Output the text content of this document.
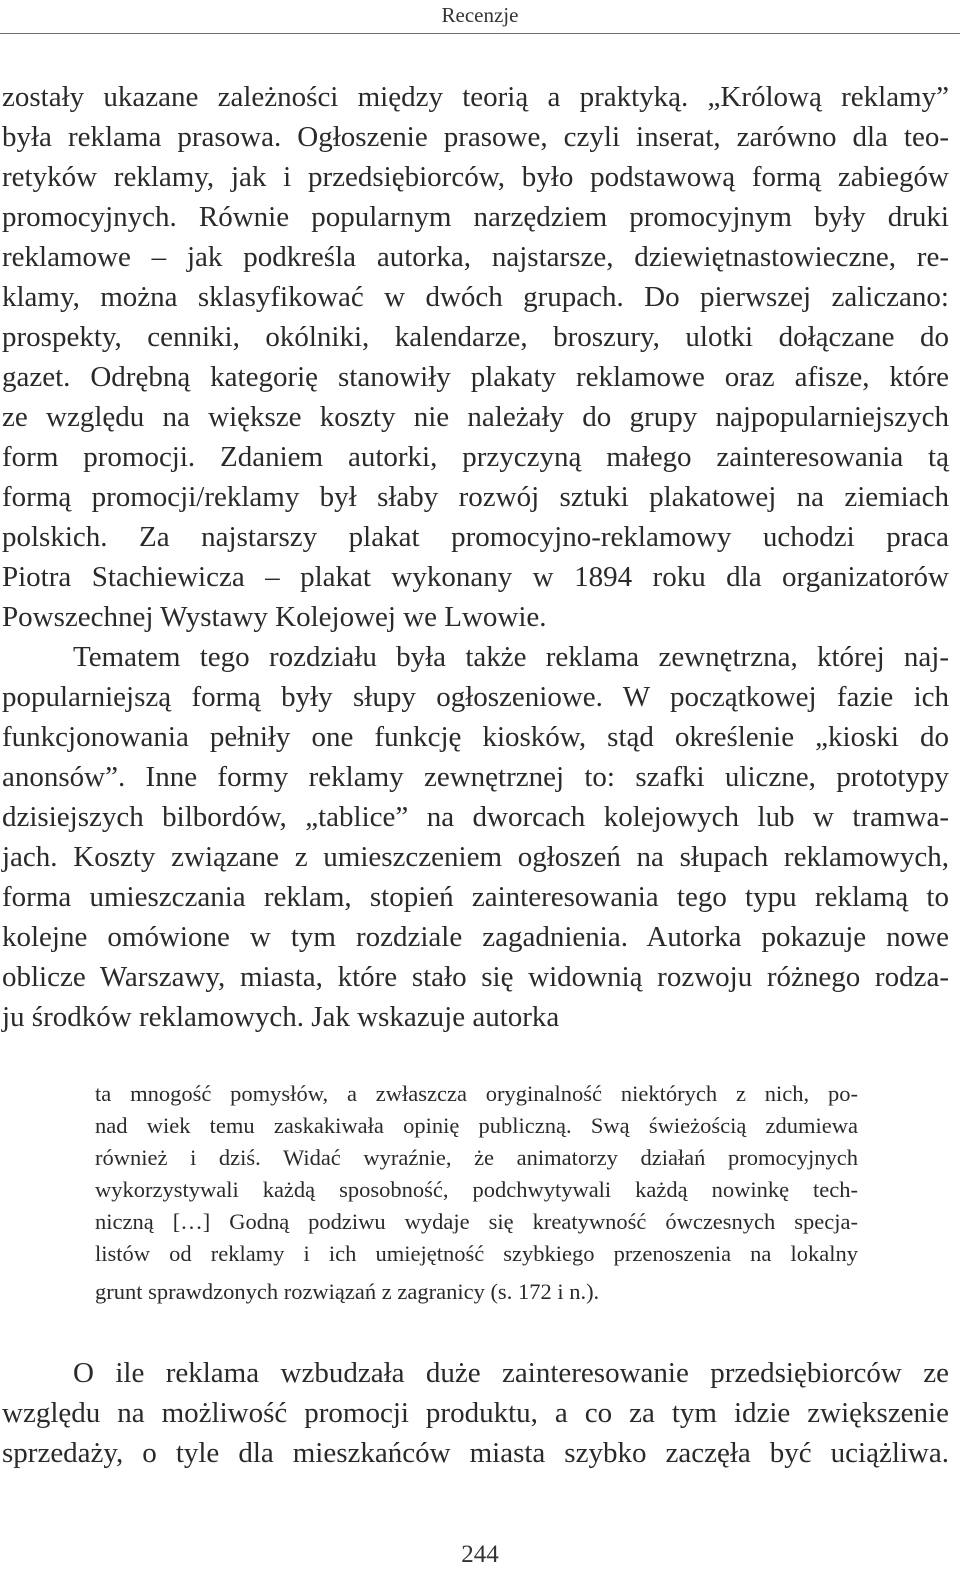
Recenzje
zostały ukazane zależności między teorią a praktyką. „Królową reklamy”
była reklama prasowa. Ogłoszenie prasowe, czyli inserat, zarówno dla teo-
retyków reklamy, jak i przedsiębiorców, było podstawową formą zabiegów
promocyjnych. Równie popularnym narzędziem promocyjnym były druki
reklamowe – jak podkreśla autorka, najstarsze, dziewiętnastowieczne, re-
klamy, można sklasyfikować w dwóch grupach. Do pierwszej zaliczano:
prospekty, cenniki, okólniki, kalendarze, broszury, ulotki dołączane do
gazet. Odrębną kategorię stanowiły plakaty reklamowe oraz afisze, które
ze względu na większe koszty nie należały do grupy najpopularniejszych
form promocji. Zdaniem autorki, przyczyną małego zainteresowania tą
formą promocji/reklamy był słaby rozwój sztuki plakatowej na ziemiach
polskich. Za najstarszy plakat promocyjno-reklamowy uchodzi praca
Piotra Stachiewicza – plakat wykonany w 1894 roku dla organizatorów
Powszechnej Wystawy Kolejowej we Lwowie.
Tematem tego rozdziału była także reklama zewnętrzna, której naj-
popularniejszą formą były słupy ogłoszeniowe. W początkowej fazie ich
funkcjonowania pełniły one funkcję kiosków, stąd określenie „kioski do
anonsów”. Inne formy reklamy zewnętrznej to: szafki uliczne, prototypy
dzisiejszych bilbordów, „tablice” na dworcach kolejowych lub w tramwa-
jach. Koszty związane z umieszczeniem ogłoszeń na słupach reklamowych,
forma umieszczania reklam, stopień zainteresowania tego typu reklamą to
kolejne omówione w tym rozdziale zagadnienia. Autorka pokazuje nowe
oblicze Warszawy, miasta, które stało się widownią rozwoju różnego rodza-
ju środków reklamowych. Jak wskazuje autorka
ta mnogość pomysłów, a zwłaszcza oryginalność niektórych z nich, po-
nad wiek temu zaskakiwała opinię publiczną. Swą świeżością zdumiewa
również i dziś. Widać wyraźnie, że animatorzy działań promocyjnych
wykorzystywali każdą sposobność, podchwytywali każdą nowinkę tech-
niczną […] Godną podziwu wydaje się kreatywność ówczesnych specja-
listów od reklamy i ich umiejętność szybkiego przenoszenia na lokalny
grunt sprawdzonych rozwiązań z zagranicy (s. 172 i n.).
O ile reklama wzbudzała duże zainteresowanie przedsiębiorców ze
względu na możliwość promocji produktu, a co za tym idzie zwiększenie
sprzedaży, o tyle dla mieszkańców miasta szybko zaczęła być uciążliwa.
244
